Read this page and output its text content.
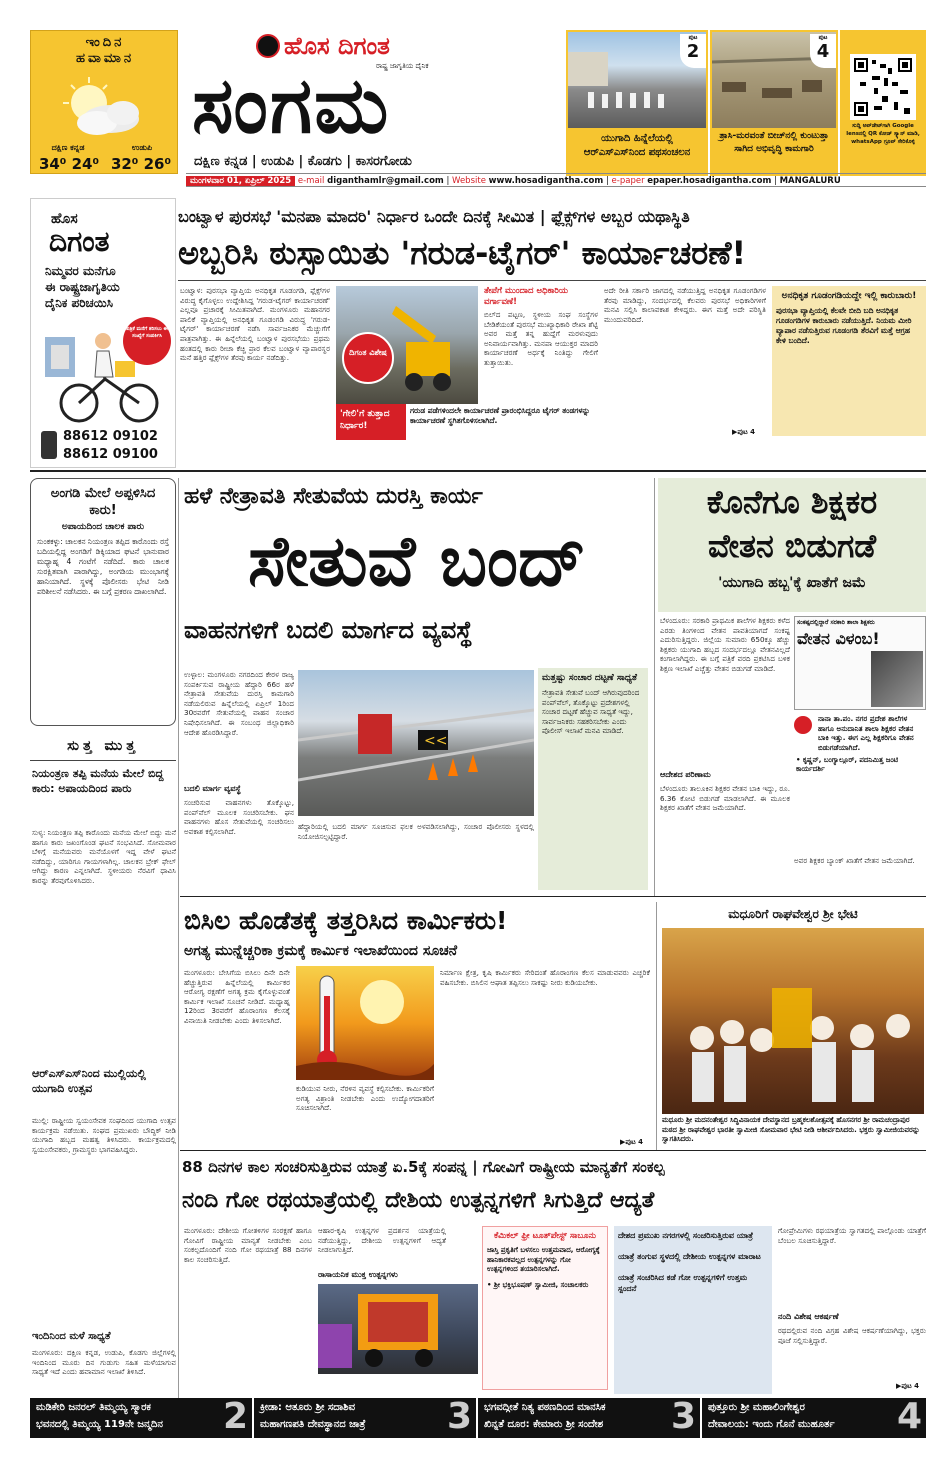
ಇಂದಿನ
ಹವಾಮಾನ
ದಕ್ಷಿಣ ಕನ್ನಡ	ಉಡುಪಿ
34⁰ 24⁰ 32⁰ 26⁰
ಹೊಸ ದಿಗಂತ
ರಾಷ್ಟ್ರ ಜಾಗೃತಿಯ ದೈನಿಕ
ಸಂಗಮ
ದಕ್ಷಿಣ ಕನ್ನಡ | ಉಡುಪಿ | ಕೊಡಗು | ಕಾಸರಗೋಡು
ಪುಟ
2
ಯುಗಾದಿ ಹಿನ್ನೆಲೆಯಲ್ಲಿ ಆರ್‌ಎಸ್‌ಎಸ್‌ನಿಂದ ಪಥಸಂಚಲನ
ಪುಟ
4
ತ್ರಾಸಿ-ಮರವಂತೆ ಬೀಚ್‌ನಲ್ಲಿ ಕುಂಟುತ್ತಾ ಸಾಗಿದ ಅಭಿವೃದ್ಧಿ ಕಾಮಗಾರಿ
ಸುದ್ದಿ ಅಪ್‌ಡೇಟ್‌ಗಾಗಿ Google lensನಲ್ಲಿ QR ಕೋಡ್ ಸ್ಕ್ಯಾನ್ ಮಾಡಿ, whatsApp ಗ್ರೂಪ್ ಸೇರಿಕೊಳ್ಳಿ
ಮಂಗಳವಾರ 01, ಏಪ್ರಿಲ್ 2025 e-mail diganthamlr@gmail.com | Website www.hosadigantha.com | e-paper epaper.hosadigantha.com | MANGALURU
ಹೊಸ
ದಿಗಂತ
ನಿಮ್ಮವರ ಮನೆಗೂ
ಈ ರಾಷ್ಟ್ರಜಾಗೃತಿಯ
ದೈನಿಕ ಪರಿಚಯಿಸಿ
ಪತ್ರಿಕೆ ಮನೆಗೆ ತರಿಸಲು ಈ ಸಂಖ್ಯೆಗೆ ಸಂಪರ್ಕಿಸಿ
88612 09102
88612 09100
ಬಂಟ್ವಾಳ ಪುರಸಭೆ 'ಮನಪಾ ಮಾದರಿ' ನಿರ್ಧಾರ ಒಂದೇ ದಿನಕ್ಕೆ ಸೀಮಿತ | ಫ್ಲೆಕ್ಸ್‌ಗಳ ಅಬ್ಬರ ಯಥಾಸ್ಥಿತಿ
ಅಬ್ಬರಿಸಿ ಠುಸ್ಸಾಯಿತು 'ಗರುಡ-ಟೈಗರ್' ಕಾರ್ಯಾಚರಣೆ!
ಬಂಟ್ವಾಳ: ಪುರಸಭಾ ವ್ಯಾಪ್ತಿಯ ಅನಧಿಕೃತ ಗೂಡಂಗಡಿ, ಫ್ಲೆಕ್ಸ್‌ಗಳ ವಿರುದ್ಧ ಕೈಗೊಳ್ಳಲು ಉದ್ದೇಶಿಸಿದ್ದ 'ಗರುಡ-ಟೈಗರ್ ಕಾರ್ಯಾಚರಣೆ' ಎಲ್ಲವೂ ಪ್ರಚಾರಕ್ಕೆ ಸೀಮಿತವಾಗಿದೆ. ಮಂಗಳೂರು ಮಹಾನಗರ ಪಾಲಿಕೆ ವ್ಯಾಪ್ತಿಯಲ್ಲಿ ಅನಧಿಕೃತ ಗೂಡಂಗಡಿ ವಿರುದ್ಧ 'ಗರುಡ-ಟೈಗರ್' ಕಾರ್ಯಾಚರಣೆ ನಡೆಸಿ ಸಾರ್ವಜನಿಕರ ಮೆಚ್ಚುಗೆಗೆ ಪಾತ್ರವಾಗಿತ್ತು. ಈ ಹಿನ್ನೆಲೆಯಲ್ಲಿ ಬಂಟ್ವಾಳ ಪುರಸಭೆಯು ಪ್ರಥಮ ಹಂತದಲ್ಲಿ ಕಾರು ರೀಚಾ ಕೆಚ್ಚಿ ಪ್ರಾರ ಕೆಲವ ಬಂಟ್ವಾಳ ವ್ಯಾಪಾರಸ್ಥರ ಮನೆ ಹತ್ತಿರ ಫ್ಲೆಕ್ಸ್‌ಗಳ ತೆರವು ಕಾರ್ಯ ನಡೆದಿತ್ತು.
ದಿಗಂತ ವಿಶೇಷ
'ಗೇಲಿ'ಗೆ ತುತ್ತಾದ ನಿರ್ಧಾರ!
ತೇಪೆಗೆ ಮುಂದಾದ ಅಧಿಕಾರಿಯ ವರ್ಗಾವಣೆ!
ಬಿಲ್‌ದ ಪಟ್ಟಣ, ಸ್ಥಳೀಯ ಸಂಘ ಸಂಸ್ಥೆಗಳ ಬೇಡಿಕೆಯಂತೆ ಪುರಸಭೆ ಮುಖ್ಯಾಧಿಕಾರಿ ರೇಖಾ ಶೆಟ್ಟಿ ಅವರ ಮತ್ತೆ ತನ್ನ ಹುದ್ದೆಗೆ ಮರಳುವುದು ಅನಿವಾರ್ಯವಾಗಿತ್ತು. ಮನಪಾ ಆಯುಕ್ತರ ಮಾದರಿ ಕಾರ್ಯಾಚರಣೆ ಅರ್ಧಕ್ಕೆ ನಿಂತಿದ್ದು ಗೇಲಿಗೆ ತುತ್ತಾಯಿತು.
ಅದೇ ರೀತಿ ಸರ್ಕಾರಿ ಜಾಗದಲ್ಲಿ ನಡೆಯುತ್ತಿದ್ದ ಅನಧಿಕೃತ ಗೂಡಂಗಡಿಗಳ ತೆರವು ಮಾಡಿದ್ದು, ಸಂದರ್ಭದಲ್ಲಿ ಕೆಲವರು ಪುರಸಭೆ ಅಧಿಕಾರಿಗಳಿಗೆ ಮನವಿ ಸಲ್ಲಿಸಿ ಕಾಲಾವಕಾಶ ಕೇಳಿದ್ದರು. ಈಗ ಮತ್ತೆ ಅದೇ ಪರಿಸ್ಥಿತಿ ಮುಂದುವರಿದಿದೆ.
ಗರುಡ ಪಡೆಗಳಿಂದಲೇ ಕಾರ್ಯಾಚರಣೆ ಪ್ರಾರಂಭಿಸಿದ್ದರೂ ಟೈಗರ್ ತಂಡಗಳನ್ನು ಕಾರ್ಯಾಚರಣೆ ಸ್ಥಗಿತಗೊಳಿಸಲಾಗಿದೆ.
▶ಪುಟ 4
ಅನಧಿಕೃತ ಗೂಡಂಗಡಿಯದ್ದೇ ಇಲ್ಲಿ ಕಾರುಬಾರು!
ಪುರಸಭಾ ವ್ಯಾಪ್ತಿಯಲ್ಲಿ ಕೆಲವೇ ಬೀದಿ ಬದಿ ಅನಧಿಕೃತ ಗೂಡಂಗಡಿಗಳ ಕಾರುಬಾರು ನಡೆಯುತ್ತಿದೆ. ನಿಯಮ ಮೀರಿ ವ್ಯಾಪಾರ ನಡೆಸುತ್ತಿರುವ ಗೂಡಂಗಡಿ ತೆರವಿಗೆ ಮತ್ತೆ ಆಗ್ರಹ ಕೇಳಿ ಬಂದಿದೆ.
ಅಂಗಡಿ ಮೇಲೆ ಅಪ್ಪಳಿಸಿದ ಕಾರು!
ಅಪಾಯದಿಂದ ಚಾಲಕ ಪಾರು
ಸುಂಕಕಳ್ಳು: ಚಾಲಕನ ನಿಯಂತ್ರಣ ತಪ್ಪಿದ ಕಾರೊಂದು ರಸ್ತೆ ಬದಿಯಲ್ಲಿದ್ದ ಅಂಗಡಿಗೆ ಡಿಕ್ಕಿಯಾದ ಘಟನೆ ಭಾನುವಾರ ಮಧ್ಯಾಹ್ನ 4 ಗಂಟೆಗೆ ನಡೆದಿದೆ. ಕಾರು ಚಾಲಕ ಸುರಕ್ಷಿತವಾಗಿ ಪಾರಾಗಿದ್ದು, ಅಂಗಡಿಯ ಮುಂಭಾಗಕ್ಕೆ ಹಾನಿಯಾಗಿದೆ. ಸ್ಥಳಕ್ಕೆ ಪೊಲೀಸರು ಭೇಟಿ ನೀಡಿ ಪರಿಶೀಲನೆ ನಡೆಸಿದರು. ಈ ಬಗ್ಗೆ ಪ್ರಕರಣ ದಾಖಲಾಗಿದೆ.
ಸುತ್ತ ಮುತ್ತ
ನಿಯಂತ್ರಣ ತಪ್ಪಿ ಮನೆಯ ಮೇಲೆ ಬಿದ್ದ ಕಾರು: ಅಪಾಯದಿಂದ ಪಾರು
ಸುಳ್ಯ: ನಿಯಂತ್ರಣ ತಪ್ಪಿ ಕಾರೊಂದು ಮನೆಯ ಮೇಲೆ ಬಿದ್ದು ಮನೆ ಹಾಗೂ ಕಾರು ಜಖಂಗೊಂಡ ಘಟನೆ ಸಂಭವಿಸಿದೆ. ಸೋಮವಾರ ಬೆಳಿಗ್ಗೆ ಮನೆಯವರು ಮನೆಯೊಳಗೆ ಇದ್ದ ವೇಳೆ ಘಟನೆ ನಡೆದಿದ್ದು, ಯಾರಿಗೂ ಗಾಯಗಳಾಗಿಲ್ಲ. ಚಾಲಕನ ಬ್ರೇಕ್ ಫೇಲ್ ಆಗಿದ್ದು ಕಾರಣ ಎನ್ನಲಾಗಿದೆ. ಸ್ಥಳೀಯರು ನೆರವಿಗೆ ಧಾವಿಸಿ ಕಾರನ್ನು ತೆರವುಗೊಳಿಸಿದರು.
ಆರ್‌ಎಸ್‌ಎಸ್‌ನಿಂದ ಮುಲ್ಲಿಯಲ್ಲಿ ಯುಗಾದಿ ಉತ್ಸವ
ಮುಲ್ಲಿ: ರಾಷ್ಟ್ರೀಯ ಸ್ವಯಂಸೇವಕ ಸಂಘದಿಂದ ಯುಗಾದಿ ಉತ್ಸವ ಕಾರ್ಯಕ್ರಮ ನಡೆಯಿತು. ಸಂಘದ ಪ್ರಮುಖರು ಬೌದ್ಧಿಕ್ ನೀಡಿ ಯುಗಾದಿ ಹಬ್ಬದ ಮಹತ್ವ ತಿಳಿಸಿದರು. ಕಾರ್ಯಕ್ರಮದಲ್ಲಿ ಸ್ವಯಂಸೇವಕರು, ಗ್ರಾಮಸ್ಥರು ಭಾಗವಹಿಸಿದ್ದರು.
ಇಂದಿನಿಂದ ಮಳೆ ಸಾಧ್ಯತೆ
ಮಂಗಳೂರು: ದಕ್ಷಿಣ ಕನ್ನಡ, ಉಡುಪಿ, ಕೊಡಗು ಜಿಲ್ಲೆಗಳಲ್ಲಿ ಇಂದಿನಿಂದ ಮೂರು ದಿನ ಗುಡುಗು ಸಹಿತ ಮಳೆಯಾಗುವ ಸಾಧ್ಯತೆ ಇದೆ ಎಂದು ಹವಾಮಾನ ಇಲಾಖೆ ತಿಳಿಸಿದೆ.
ಹಳೆ ನೇತ್ರಾವತಿ ಸೇತುವೆಯ ದುರಸ್ತಿ ಕಾರ್ಯ
ಸೇತುವೆ ಬಂದ್
ವಾಹನಗಳಿಗೆ ಬದಲಿ ಮಾರ್ಗದ ವ್ಯವಸ್ಥೆ
ಉಳ್ಳಾಲ: ಮಂಗಳೂರು ನಗರದಿಂದ ಕೇರಳ ರಾಜ್ಯ ಸಂಪರ್ಕಿಸುವ ರಾಷ್ಟ್ರೀಯ ಹೆದ್ದಾರಿ 66ರ ಹಳೆ ನೇತ್ರಾವತಿ ಸೇತುವೆಯ ದುರಸ್ತಿ ಕಾಮಗಾರಿ ನಡೆಯಲಿರುವ ಹಿನ್ನೆಲೆಯಲ್ಲಿ ಏಪ್ರಿಲ್ 1ರಿಂದ 30ರವರೆಗೆ ಸೇತುವೆಯಲ್ಲಿ ವಾಹನ ಸಂಚಾರ ನಿಷೇಧಿಸಲಾಗಿದೆ. ಈ ಸಂಬಂಧ ಜಿಲ್ಲಾಧಿಕಾರಿ ಆದೇಶ ಹೊರಡಿಸಿದ್ದಾರೆ.
ಬದಲಿ ಮಾರ್ಗ ವ್ಯವಸ್ಥೆ
ಸಂಚರಿಸುವ ವಾಹನಗಳು ತೊಕ್ಕೊಟ್ಟು, ಪಂಪ್‌ವೆಲ್ ಮೂಲಕ ಸಂಚರಿಸಬೇಕು. ಘನ ವಾಹನಗಳು ಹೊಸ ಸೇತುವೆಯಲ್ಲಿ ಸಂಚರಿಸಲು ಅವಕಾಶ ಕಲ್ಪಿಸಲಾಗಿದೆ.
<<
ಹೆದ್ದಾರಿಯಲ್ಲಿ ಬದಲಿ ಮಾರ್ಗ ಸೂಚಿಸುವ ಫಲಕ ಅಳವಡಿಸಲಾಗಿದ್ದು, ಸಂಚಾರ ಪೊಲೀಸರು ಸ್ಥಳದಲ್ಲಿ ನಿಯೋಜಿಸಲ್ಪಟ್ಟಿದ್ದಾರೆ.
ಮತ್ತಷ್ಟು ಸಂಚಾರ ದಟ್ಟಣೆ ಸಾಧ್ಯತೆ
ನೇತ್ರಾವತಿ ಸೇತುವೆ ಬಂದ್ ಆಗಿರುವುದರಿಂದ ಪಂಪ್‌ವೆಲ್, ತೊಕ್ಕೊಟ್ಟು ಪ್ರದೇಶಗಳಲ್ಲಿ ಸಂಚಾರ ದಟ್ಟಣೆ ಹೆಚ್ಚುವ ಸಾಧ್ಯತೆ ಇದ್ದು, ಸಾರ್ವಜನಿಕರು ಸಹಕರಿಸಬೇಕು ಎಂದು ಪೊಲೀಸ್ ಇಲಾಖೆ ಮನವಿ ಮಾಡಿದೆ.
ಕೊನೆಗೂ ಶಿಕ್ಷಕರ
ವೇತನ ಬಿಡುಗಡೆ
'ಯುಗಾದಿ ಹಬ್ಬ'ಕ್ಕೆ ಖಾತೆಗೆ ಜಮೆ
ಬೆಳಂದೂರು: ಸರಕಾರಿ ಪ್ರಾಥಮಿಕ ಶಾಲೆಗಳ ಶಿಕ್ಷಕರು ಕಳೆದ ಎರಡು ತಿಂಗಳಿಂದ ವೇತನ ಪಾವತಿಯಾಗದೆ ಸಂಕಷ್ಟ ಎದುರಿಸುತ್ತಿದ್ದರು. ಜಿಲ್ಲೆಯ ಸುಮಾರು 650ಕ್ಕೂ ಹೆಚ್ಚು ಶಿಕ್ಷಕರು ಯುಗಾದಿ ಹಬ್ಬದ ಸಂದರ್ಭದಲ್ಲೂ ವೇತನವಿಲ್ಲದೆ ಕಂಗಾಲಾಗಿದ್ದರು. ಈ ಬಗ್ಗೆ ಪತ್ರಿಕೆ ವರದಿ ಪ್ರಕಟಿಸಿದ ಬಳಿಕ ಶಿಕ್ಷಣ ಇಲಾಖೆ ಎಚ್ಚೆತ್ತು ವೇತನ ಬಿಡುಗಡೆ ಮಾಡಿದೆ.
ಆದೇಶದ ಪರಿಣಾಮ
ಬೆಳಂದೂರು ತಾಲೂಕಿನ ಶಿಕ್ಷಕರ ವೇತನ ಬಾಕಿ ಇದ್ದು, ರೂ. 6.36 ಕೋಟಿ ಬಿಡುಗಡೆ ಮಾಡಲಾಗಿದೆ. ಈ ಮೂಲಕ ಶಿಕ್ಷಕರ ಖಾತೆಗೆ ವೇತನ ಜಮೆಯಾಗಿದೆ.
ಸಂಕಷ್ಟದಲ್ಲಿದ್ದಾರೆ ಸರಕಾರಿ ಶಾಲಾ ಶಿಕ್ಷಕರು
ವೇತನ ವಿಳಂಬ!
ನಾನಾ ತಾ.ಪಂ. ನಗರ ಪ್ರದೇಶ ಶಾಲೆಗಳ ಹಾಗೂ ಅನುದಾನಿತ ಶಾಲಾ ಶಿಕ್ಷಕರ ವೇತನ ಬಾಕಿ ಇತ್ತು. ಈಗ ಎಲ್ಲ ಶಿಕ್ಷಕರಿಗೂ ವೇತನ ಬಿಡುಗಡೆಯಾಗಿದೆ.
• ಕೃಷ್ಣನ್, ಬಂಗ್ಯಾಲ್ಗೂರ್, ಪದನಿಮಿತ್ತ ಜಂಟಿ ಕಾರ್ಯದರ್ಶಿ
ಅವರ ಶಿಕ್ಷಕರ ಬ್ಯಾಂಕ್ ಖಾತೆಗೆ ವೇತನ ಜಮೆಯಾಗಿದೆ.
ಬಿಸಿಲ ಹೊಡೆತಕ್ಕೆ ತತ್ತರಿಸಿದ ಕಾರ್ಮಿಕರು!
ಅಗತ್ಯ ಮುನ್ನೆಚ್ಚರಿಕಾ ಕ್ರಮಕ್ಕೆ ಕಾರ್ಮಿಕ ಇಲಾಖೆಯಿಂದ ಸೂಚನೆ
ಮಂಗಳೂರು: ಬೇಸಿಗೆಯ ಬಿಸಿಲು ದಿನೇ ದಿನೇ ಹೆಚ್ಚುತ್ತಿರುವ ಹಿನ್ನೆಲೆಯಲ್ಲಿ ಕಾರ್ಮಿಕರ ಆರೋಗ್ಯ ರಕ್ಷಣೆಗೆ ಅಗತ್ಯ ಕ್ರಮ ಕೈಗೊಳ್ಳುವಂತೆ ಕಾರ್ಮಿಕ ಇಲಾಖೆ ಸೂಚನೆ ನೀಡಿದೆ. ಮಧ್ಯಾಹ್ನ 12ರಿಂದ 3ರವರೆಗೆ ಹೊರಾಂಗಣ ಕೆಲಸಕ್ಕೆ ವಿನಾಯಿತಿ ನೀಡಬೇಕು ಎಂದು ತಿಳಿಸಲಾಗಿದೆ.
ಕುಡಿಯುವ ನೀರು, ನೆರಳಿನ ವ್ಯವಸ್ಥೆ ಕಲ್ಪಿಸಬೇಕು. ಕಾರ್ಮಿಕರಿಗೆ ಅಗತ್ಯ ವಿಶ್ರಾಂತಿ ನೀಡಬೇಕು ಎಂದು ಉದ್ಯೋಗದಾತರಿಗೆ ಸೂಚಿಸಲಾಗಿದೆ.
ನಿರ್ಮಾಣ ಕ್ಷೇತ್ರ, ಕೃಷಿ ಕಾರ್ಮಿಕರು ಸೇರಿದಂತೆ ಹೊರಾಂಗಣ ಕೆಲಸ ಮಾಡುವವರು ಎಚ್ಚರಿಕೆ ವಹಿಸಬೇಕು. ಬಿಸಿಲಿನ ಆಘಾತ ತಪ್ಪಿಸಲು ಸಾಕಷ್ಟು ನೀರು ಕುಡಿಯಬೇಕು.
▶ಪುಟ 4
ಮಧೂರಿಗೆ ರಾಘವೇಶ್ವರ ಶ್ರೀ ಭೇಟಿ
ಮಧೂರು ಶ್ರೀ ಮದನಂತೇಶ್ವರ ಸಿದ್ಧಿವಿನಾಯಕ ದೇವಸ್ಥಾನದ ಬ್ರಹ್ಮಕಲಶೋತ್ಸವಕ್ಕೆ ಹೊಸನಗರ ಶ್ರೀ ರಾಮಚಂದ್ರಾಪುರ ಮಠದ ಶ್ರೀ ರಾಘವೇಶ್ವರ ಭಾರತೀ ಸ್ವಾಮೀಜಿ ಸೋಮವಾರ ಭೇಟಿ ನೀಡಿ ಆಶೀರ್ವದಿಸಿದರು. ಭಕ್ತರು ಸ್ವಾಮೀಜಿಯವರನ್ನು ಸ್ವಾಗತಿಸಿದರು.
88 ದಿನಗಳ ಕಾಲ ಸಂಚರಿಸುತ್ತಿರುವ ಯಾತ್ರೆ ಏ.5ಕ್ಕೆ ಸಂಪನ್ನ | ಗೋವಿಗೆ ರಾಷ್ಟ್ರೀಯ ಮಾನ್ಯತೆಗೆ ಸಂಕಲ್ಪ
ನಂದಿ ಗೋ ರಥಯಾತ್ರೆಯಲ್ಲಿ ದೇಶಿಯ ಉತ್ಪನ್ನಗಳಿಗೆ ಸಿಗುತ್ತಿದೆ ಆದ್ಯತೆ
ಮಂಗಳೂರು: ದೇಶೀಯ ಗೋತಳಿಗಳ ಸಂರಕ್ಷಣೆ ಹಾಗೂ ಗೋವಿಗೆ ರಾಷ್ಟ್ರೀಯ ಮಾನ್ಯತೆ ನೀಡಬೇಕು ಎಂಬ ಸಂಕಲ್ಪದೊಂದಿಗೆ ನಂದಿ ಗೋ ರಥಯಾತ್ರೆ 88 ದಿನಗಳ ಕಾಲ ಸಂಚರಿಸುತ್ತಿದೆ.
ಆಹಾರ-ಕೃಷಿ ಉತ್ಪನ್ನಗಳ ಪ್ರದರ್ಶನ ಯಾತ್ರೆಯಲ್ಲಿ ನಡೆಯುತ್ತಿದ್ದು, ದೇಶೀಯ ಉತ್ಪನ್ನಗಳಿಗೆ ಆದ್ಯತೆ ನೀಡಲಾಗುತ್ತಿದೆ.
ರಾಸಾಯನಿಕ ಮುಕ್ತ ಉತ್ಪನ್ನಗಳು
ಕೆಮಿಕಲ್ ಫ್ರೀ ಟೂತ್‌ಪೇಸ್ಟ್ ಸಾಬೂನು
ಜಾಸ್ತಿ ಪ್ರಕೃತಿಗೆ ಬಳಸಲು ಉತ್ತಮವಾದ, ಆರೋಗ್ಯಕ್ಕೆ ಹಾನಿಕಾರಕವಲ್ಲದ ಉತ್ಪನ್ನಗಳನ್ನು ಗೋ ಉತ್ಪನ್ನಗಳಿಂದ ತಯಾರಿಸಲಾಗಿದೆ.
• ಶ್ರೀ ಭಕ್ತಿಭೂಷಣ್ ಸ್ವಾಮೀಜಿ, ಸಂಚಾಲಕರು
ದೇಶದ ಪ್ರಮುಖ ನಗರಗಳಲ್ಲಿ ಸಂಚರಿಸುತ್ತಿರುವ ಯಾತ್ರೆ
ಯಾತ್ರೆ ತಂಗುವ ಸ್ಥಳದಲ್ಲಿ ದೇಶೀಯ ಉತ್ಪನ್ನಗಳ ಮಾರಾಟ
ಯಾತ್ರೆ ಸಂಚರಿಸಿದ ಕಡೆ ಗೋ ಉತ್ಪನ್ನಗಳಿಗೆ ಉತ್ತಮ ಸ್ಪಂದನೆ
ಗೋಪ್ರೇಮಿಗಳು ರಥಯಾತ್ರೆಯ ಸ್ವಾಗತದಲ್ಲಿ ಪಾಲ್ಗೊಂಡು ಯಾತ್ರೆಗೆ ಬೆಂಬಲ ಸೂಚಿಸುತ್ತಿದ್ದಾರೆ.
ನಂದಿ ವಿಶೇಷ ಆಕರ್ಷಣೆ
ರಥದಲ್ಲಿರುವ ನಂದಿ ವಿಗ್ರಹ ವಿಶೇಷ ಆಕರ್ಷಣೆಯಾಗಿದ್ದು, ಭಕ್ತರು ಪೂಜೆ ಸಲ್ಲಿಸುತ್ತಿದ್ದಾರೆ.
▶ಪುಟ 4
ಮಡಿಕೇರಿ ಜನರಲ್ ತಿಮ್ಮಯ್ಯ ಸ್ಮಾರಕ
ಭವನದಲ್ಲಿ ತಿಮ್ಮಯ್ಯ 119ನೇ ಜನ್ಮದಿನ 2 ಕ್ರೀಡಾ: ಆತೂರು ಶ್ರೀ ಸದಾಶಿವ
ಮಹಾಗಣಪತಿ ದೇವಸ್ಥಾನದ ಜಾತ್ರೆ 3 ಭಗವದ್ಗೀತೆ ನಿತ್ಯ ಪಠಣದಿಂದ ಮಾನಸಿಕ
ಖಿನ್ನತೆ ದೂರ: ಕೇಮಾರು ಶ್ರೀ ಸಂದೇಶ 3 ಪುತ್ತೂರು ಶ್ರೀ ಮಹಾಲಿಂಗೇಶ್ವರ
ದೇವಾಲಯ: ಇಂದು ಗೊನೆ ಮುಹೂರ್ತ 4
